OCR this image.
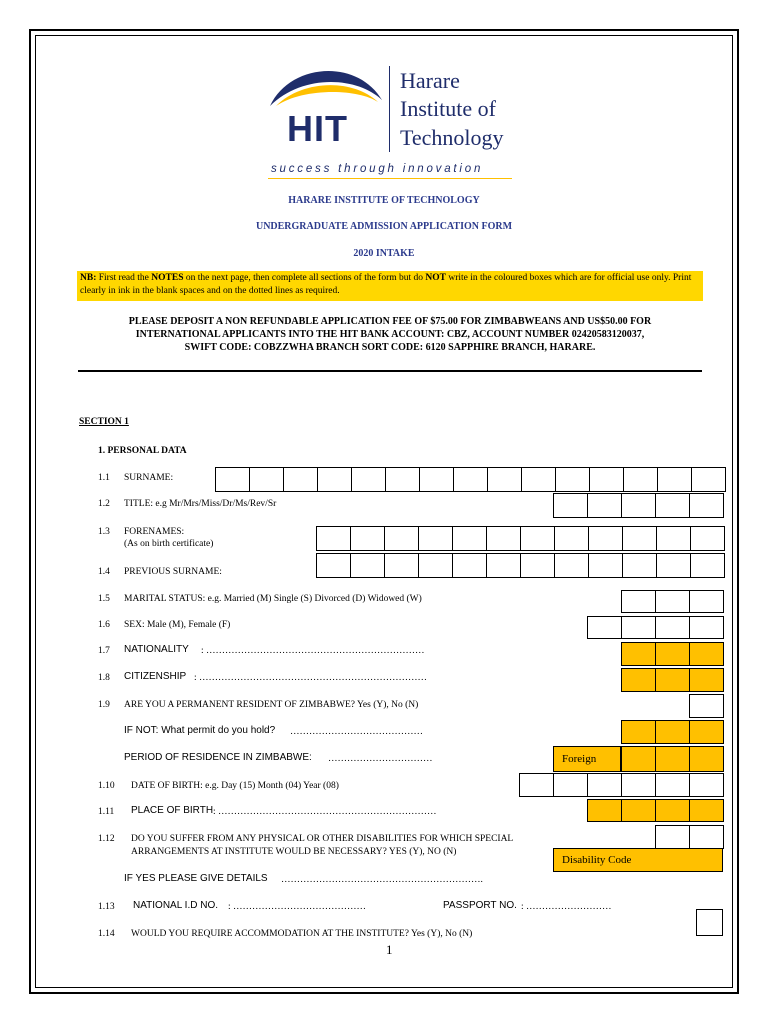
HIT
Harare
Institute of
Technology
success through innovation
HARARE INSTITUTE OF TECHNOLOGY
UNDERGRADUATE ADMISSION APPLICATION FORM
2020 INTAKE
NB: First read the NOTES on the next page, then complete all sections of the form but do NOT write in the coloured boxes which are for official use only. Print clearly in ink in the blank spaces and on the dotted lines as required.
PLEASE DEPOSIT A NON REFUNDABLE APPLICATION FEE OF $75.00 FOR ZIMBABWEANS AND US$50.00 FOR
INTERNATIONAL APPLICANTS INTO THE HIT BANK ACCOUNT: CBZ, ACCOUNT NUMBER 02420583120037,
SWIFT CODE: COBZZWHA BRANCH SORT CODE: 6120 SAPPHIRE BRANCH, HARARE.
SECTION 1
1. PERSONAL DATA
1.1 SURNAME:
1.2 TITLE: e.g Mr/Mrs/Miss/Dr/Ms/Rev/Sr
1.3 FORENAMES:
(As on birth certificate)
1.4 PREVIOUS SURNAME:
1.5 MARITAL STATUS: e.g. Married (M) Single (S) Divorced (D) Widowed (W)
1.6 SEX: Male (M), Female (F)
1.7 NATIONALITY : ……………………………………………………………
1.8 CITIZENSHIP : ………………………………………………………………
1.9 ARE YOU A PERMANENT RESIDENT OF ZIMBABWE? Yes (Y), No (N)
IF NOT: What permit do you hold? ……………………………………
PERIOD OF RESIDENCE IN ZIMBABWE: ……………………………	Foreign
1.10 DATE OF BIRTH: e.g. Day (15) Month (04) Year (08)
1.11 PLACE OF BIRTH : ……………………………………………………………
1.12 DO YOU SUFFER FROM ANY PHYSICAL OR OTHER DISABILITIES FOR WHICH SPECIAL
ARRANGEMENTS AT INSTITUTE WOULD BE NECESSARY? YES (Y), NO (N)
Disability Code
IF YES PLEASE GIVE DETAILS ……………………………………………………….
1.13 NATIONAL I.D NO. : ……………………………………	PASSPORT NO. : ………………………
1.14 WOULD YOU REQUIRE ACCOMMODATION AT THE INSTITUTE? Yes (Y), No (N)
1
